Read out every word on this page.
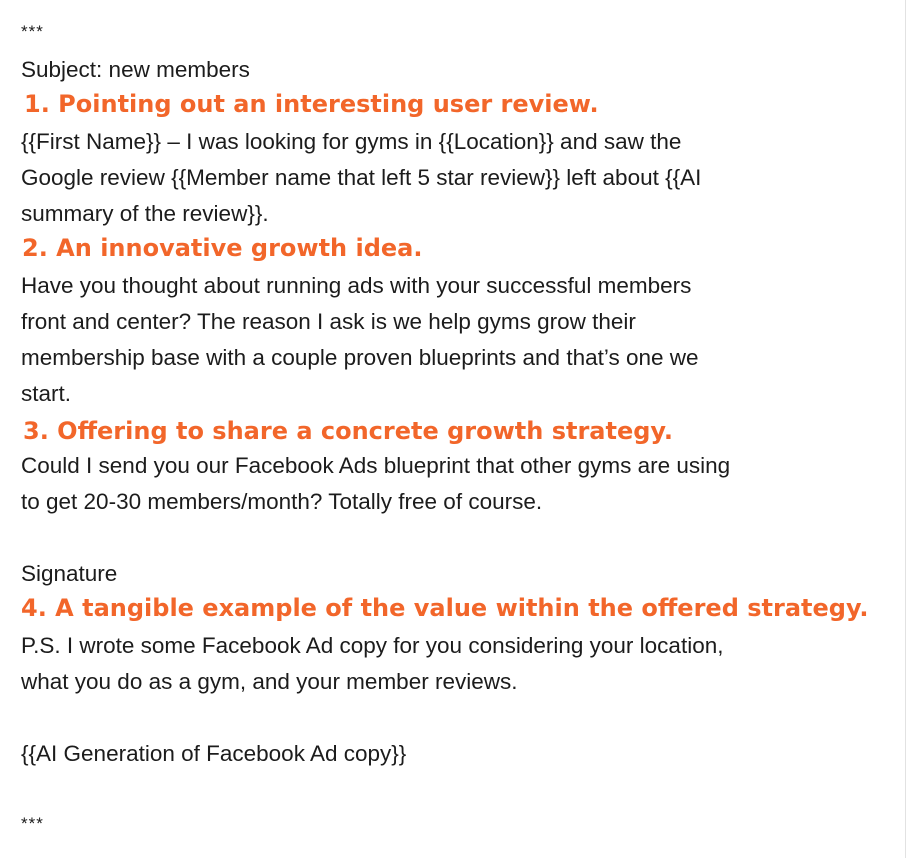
***
Subject: new members
1. Pointing out an interesting user review.
{{First Name}} – I was looking for gyms in {{Location}} and saw the
Google review {{Member name that left 5 star review}} left about {{AI
summary of the review}}.
2. An innovative growth idea.
Have you thought about running ads with your successful members
front and center? The reason I ask is we help gyms grow their
membership base with a couple proven blueprints and that’s one we
start.
3. Offering to share a concrete growth strategy.
Could I send you our Facebook Ads blueprint that other gyms are using
to get 20-30 members/month? Totally free of course.
Signature
4. A tangible example of the value within the offered strategy.
P.S. I wrote some Facebook Ad copy for you considering your location,
what you do as a gym, and your member reviews.
{{AI Generation of Facebook Ad copy}}
***
